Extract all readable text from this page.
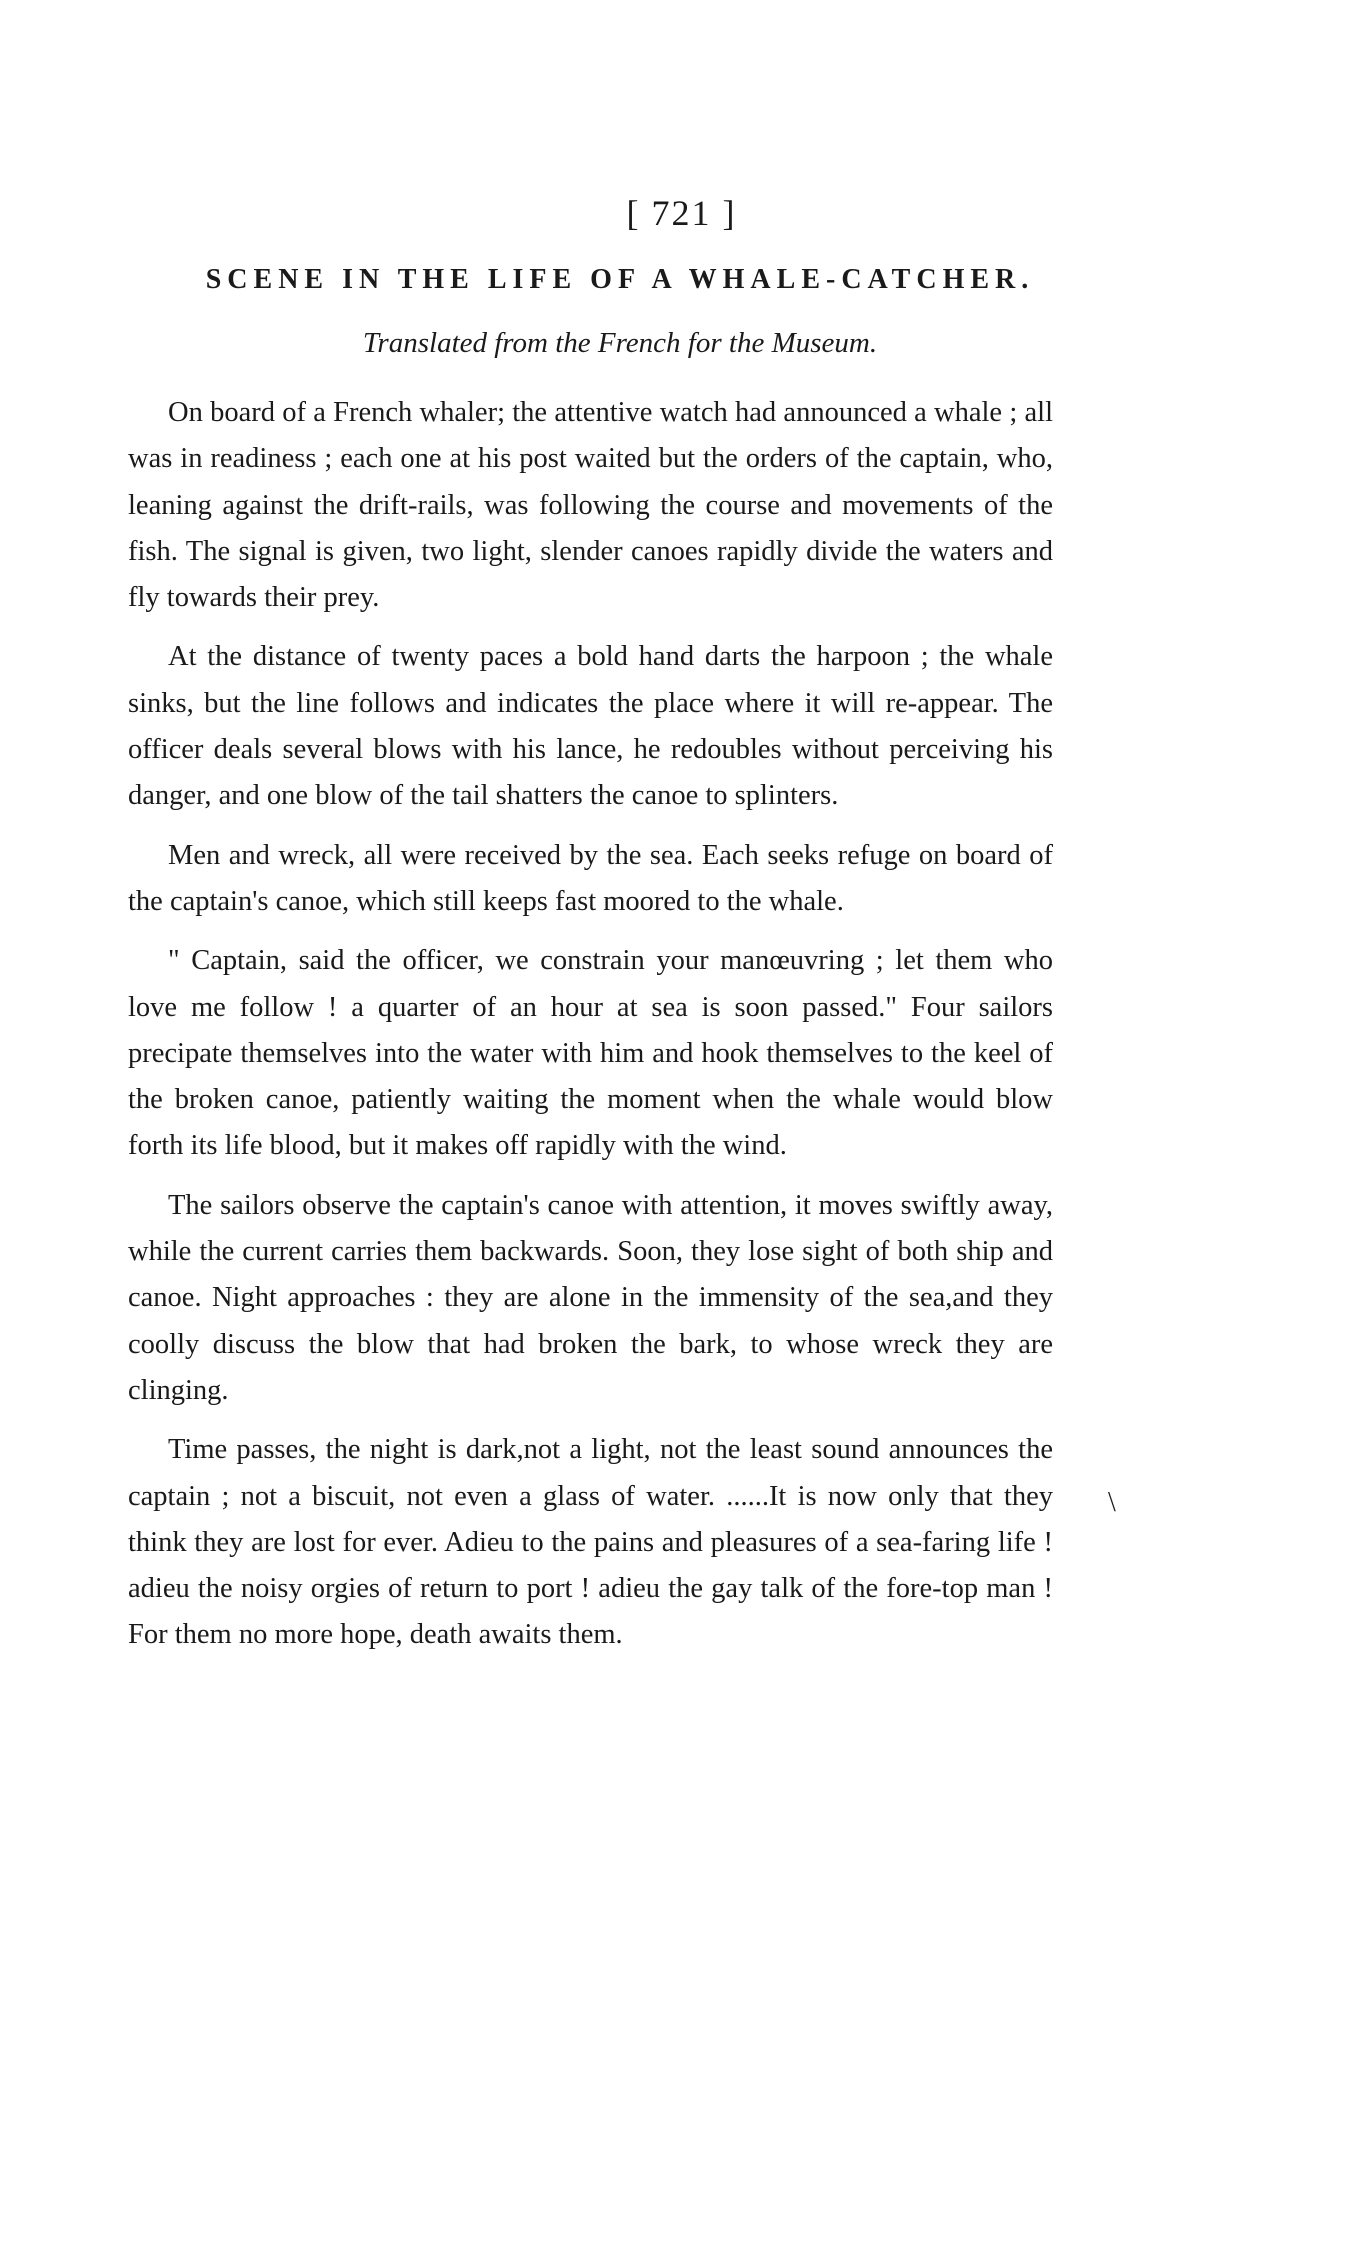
[ 721 ]
SCENE IN THE LIFE OF A WHALE-CATCHER.
Translated from the French for the Museum.

On board of a French whaler; the attentive watch had announced a whale ; all was in readiness ; each one at his post waited but the orders of the captain, who, leaning against the drift-rails, was following the course and movements of the fish. The signal is given, two light, slender canoes rapidly divide the waters and fly towards their prey.

At the distance of twenty paces a bold hand darts the harpoon ; the whale sinks, but the line follows and indicates the place where it will re-appear. The officer deals several blows with his lance, he redoubles without perceiving his danger, and one blow of the tail shatters the canoe to splinters.

Men and wreck, all were received by the sea. Each seeks refuge on board of the captain's canoe, which still keeps fast moored to the whale.

" Captain, said the officer, we constrain your manœuvring ; let them who love me follow ! a quarter of an hour at sea is soon passed." Four sailors precipate themselves into the water with him and hook themselves to the keel of the broken canoe, patiently waiting the moment when the whale would blow forth its life blood, but it makes off rapidly with the wind.

The sailors observe the captain's canoe with attention, it moves swiftly away, while the current carries them backwards. Soon, they lose sight of both ship and canoe. Night approaches : they are alone in the immensity of the sea,and they coolly discuss the blow that had broken the bark, to whose wreck they are clinging.

Time passes, the night is dark,not a light, not the least sound announces the captain ; not a biscuit, not even a glass of water. ......It is now only that they think they are lost for ever. Adieu to the pains and pleasures of a sea-faring life ! adieu the noisy orgies of return to port ! adieu the gay talk of the fore-top man ! For them no more hope, death awaits them.

\
